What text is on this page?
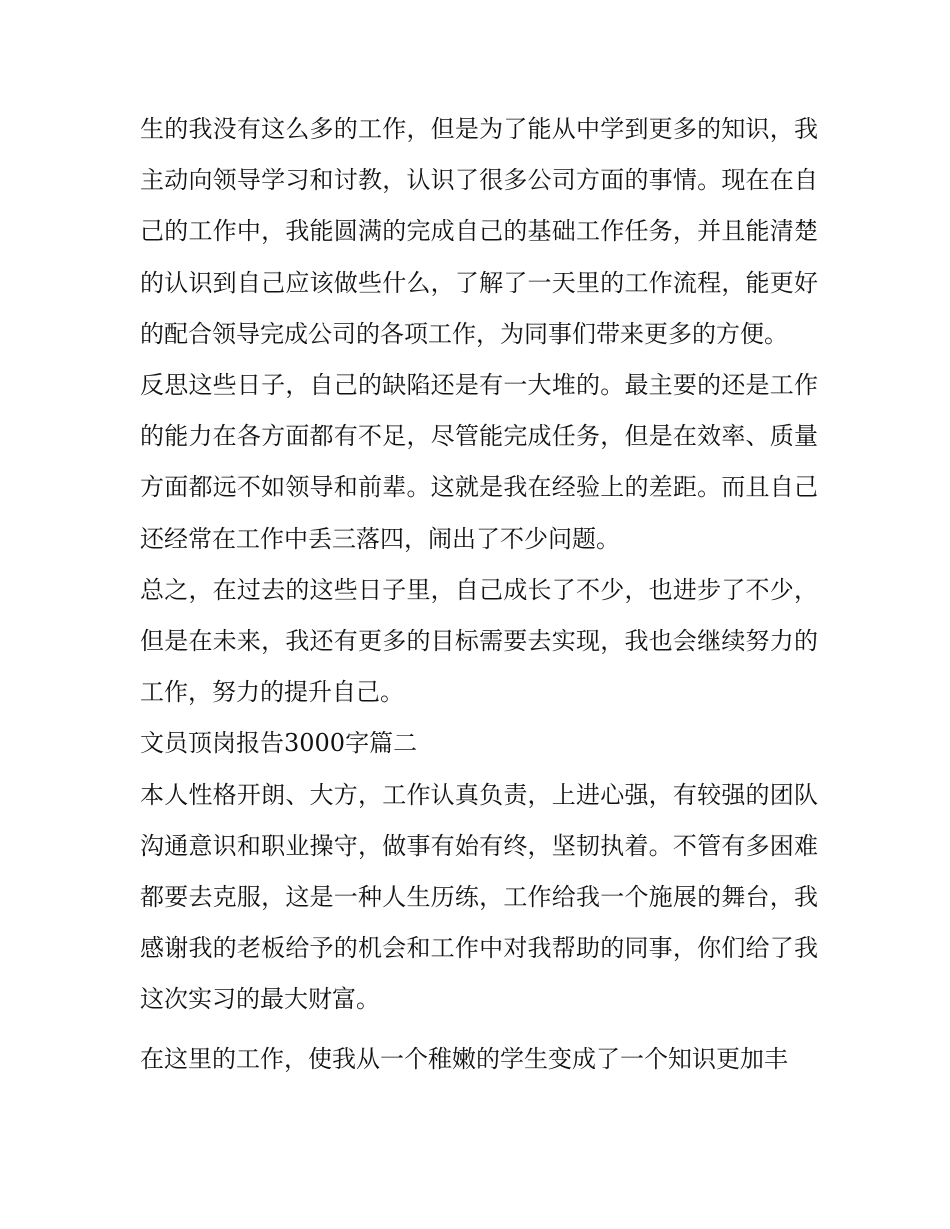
生的我没有这么多的工作，但是为了能从中学到更多的知识，我主动向领导学习和讨教，认识了很多公司方面的事情。现在在自己的工作中，我能圆满的完成自己的基础工作任务，并且能清楚的认识到自己应该做些什么，了解了一天里的工作流程，能更好的配合领导完成公司的各项工作，为同事们带来更多的方便。

反思这些日子，自己的缺陷还是有一大堆的。最主要的还是工作的能力在各方面都有不足，尽管能完成任务，但是在效率、质量方面都远不如领导和前辈。这就是我在经验上的差距。而且自己还经常在工作中丢三落四，闹出了不少问题。

总之，在过去的这些日子里，自己成长了不少，也进步了不少，但是在未来，我还有更多的目标需要去实现，我也会继续努力的工作，努力的提升自己。

文员顶岗报告3000字篇二

本人性格开朗、大方，工作认真负责，上进心强，有较强的团队沟通意识和职业操守，做事有始有终，坚韧执着。不管有多困难都要去克服，这是一种人生历练，工作给我一个施展的舞台，我感谢我的老板给予的机会和工作中对我帮助的同事，你们给了我这次实习的最大财富。

在这里的工作，使我从一个稚嫩的学生变成了一个知识更加丰
